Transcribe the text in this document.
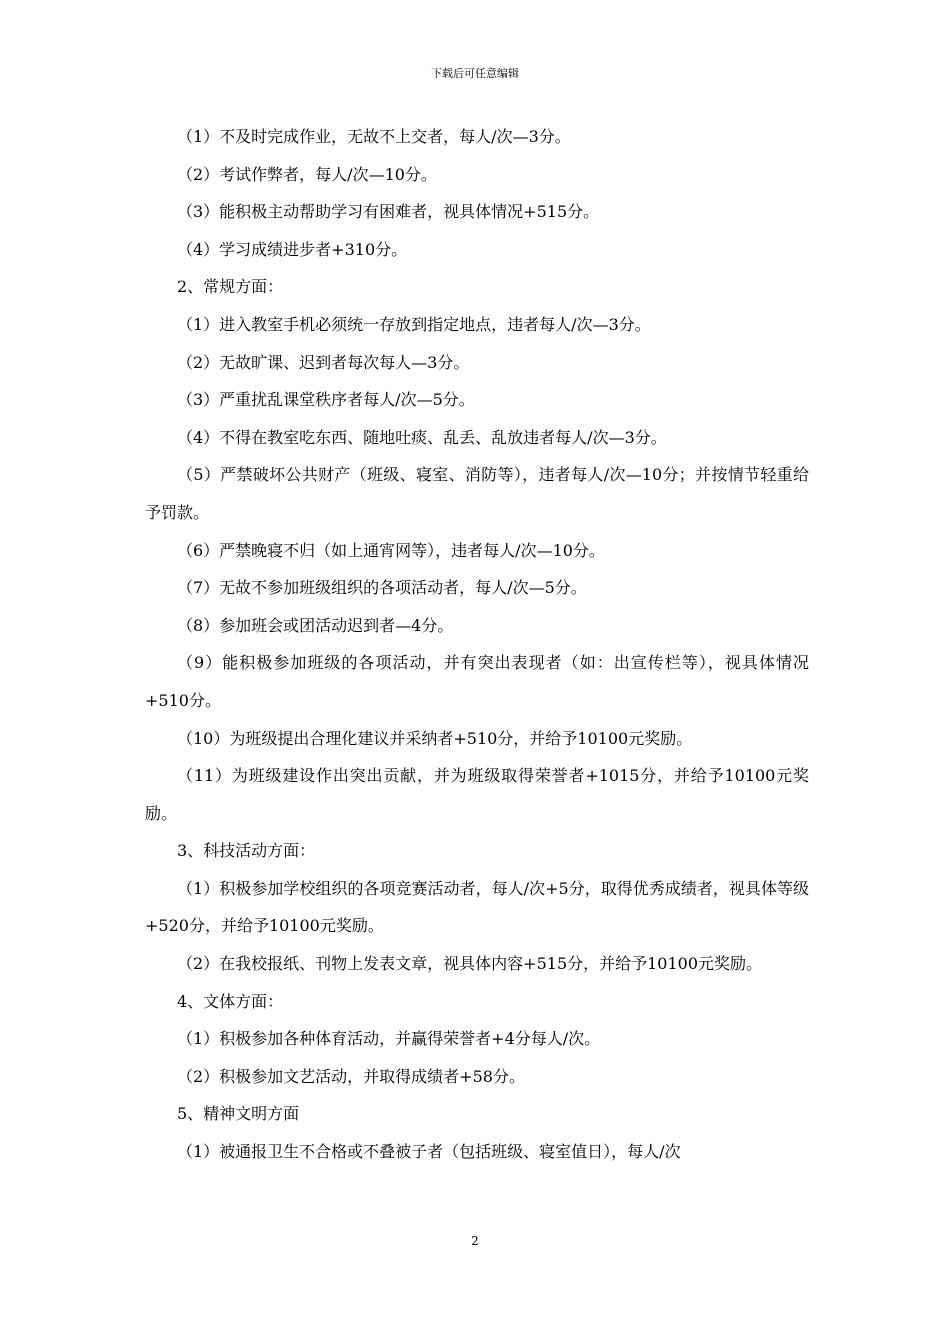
下载后可任意编辑

（1）不及时完成作业，无故不上交者，每人/次—3分。

（2）考试作弊者，每人/次—10分。

（3）能积极主动帮助学习有困难者，视具体情况+515分。

（4）学习成绩进步者+310分。

2、常规方面：

（1）进入教室手机必须统一存放到指定地点，违者每人/次—3分。

（2）无故旷课、迟到者每次每人—3分。

（3）严重扰乱课堂秩序者每人/次—5分。

（4）不得在教室吃东西、随地吐痰、乱丢、乱放违者每人/次—3分。

（5）严禁破坏公共财产（班级、寝室、消防等），违者每人/次—10分；并按情节轻重给予罚款。

（6）严禁晚寝不归（如上通宵网等），违者每人/次—10分。

（7）无故不参加班级组织的各项活动者，每人/次—5分。

（8）参加班会或团活动迟到者—4分。

（9）能积极参加班级的各项活动，并有突出表现者（如：出宣传栏等），视具体情况+510分。

（10）为班级提出合理化建议并采纳者+510分，并给予10100元奖励。

（11）为班级建设作出突出贡献，并为班级取得荣誉者+1015分，并给予10100元奖励。

3、科技活动方面：

（1）积极参加学校组织的各项竞赛活动者，每人/次+5分，取得优秀成绩者，视具体等级+520分，并给予10100元奖励。

（2）在我校报纸、刊物上发表文章，视具体内容+515分，并给予10100元奖励。

4、文体方面：

（1）积极参加各种体育活动，并赢得荣誉者+4分每人/次。

（2）积极参加文艺活动，并取得成绩者+58分。

5、精神文明方面

（1）被通报卫生不合格或不叠被子者（包括班级、寝室值日），每人/次

2
